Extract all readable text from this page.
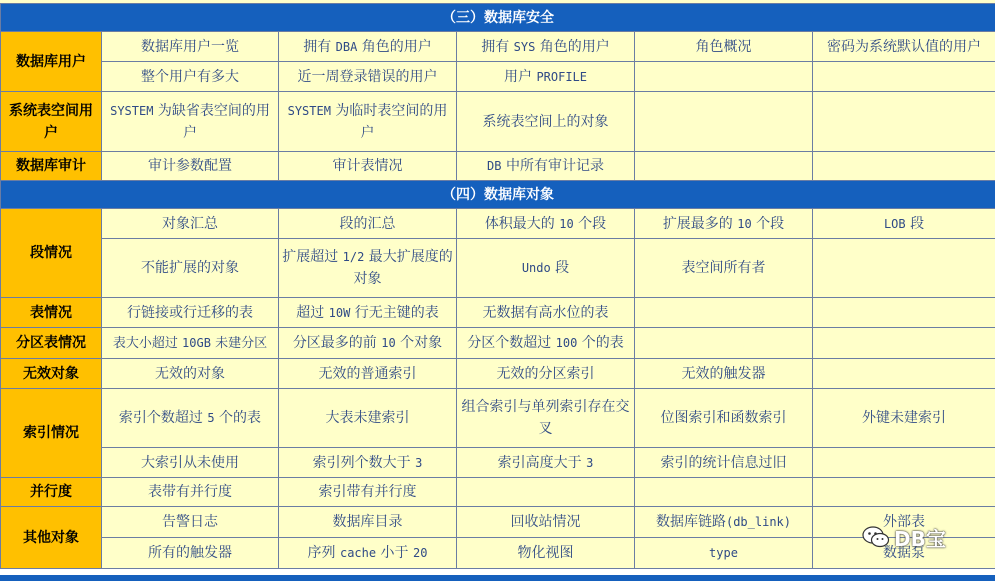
（三）数据库安全					
数据库用户	数据库用户一览	拥有 DBA 角色的用户	拥有 SYS 角色的用户	角色概况	密码为系统默认值的用户
	整个用户有多大	近一周登录错误的用户	用户 PROFILE		
系统表空间用户	SYSTEM 为缺省表空间的用户	SYSTEM 为临时表空间的用户	系统表空间上的对象		
数据库审计	审计参数配置	审计表情况	DB 中所有审计记录		
（四）数据库对象					
段情况	对象汇总	段的汇总	体积最大的 10 个段	扩展最多的 10 个段	LOB 段
	不能扩展的对象	扩展超过 1/2 最大扩展度的对象	Undo 段	表空间所有者	
表情况	行链接或行迁移的表	超过 10W 行无主键的表	无数据有高水位的表		
分区表情况	表大小超过 10GB 未建分区	分区最多的前 10 个对象	分区个数超过 100 个的表		
无效对象	无效的对象	无效的普通索引	无效的分区索引	无效的触发器	
索引情况	索引个数超过 5 个的表	大表未建索引	组合索引与单列索引存在交叉	位图索引和函数索引	外键未建索引
	大索引从未使用	索引列个数大于 3	索引高度大于 3	索引的统计信息过旧	
并行度	表带有并行度	索引带有并行度			
其他对象	告警日志	数据库目录	回收站情况	数据库链路(db_link)	外部表
	所有的触发器	序列 cache 小于 20	物化视图	type	数据泵
DB宝
